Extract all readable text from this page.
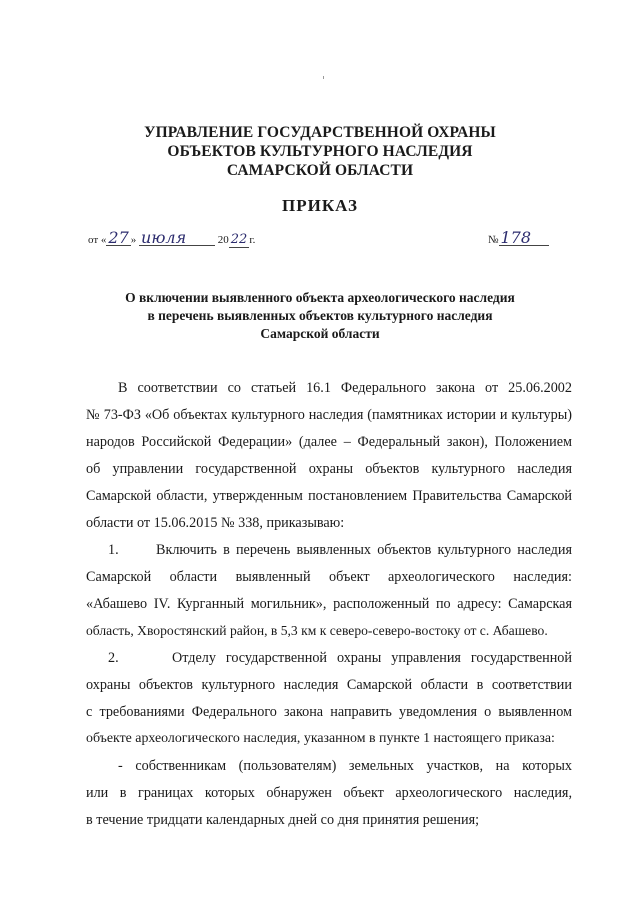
УПРАВЛЕНИЕ ГОСУДАРСТВЕННОЙ ОХРАНЫ
ОБЪЕКТОВ КУЛЬТУРНОГО НАСЛЕДИЯ
САМАРСКОЙ ОБЛАСТИ
ПРИКАЗ
от « 27 » июля	20 22 г.	№ 178
О включении выявленного объекта археологического наследия
в перечень выявленных объектов культурного наследия
Самарской области
В соответствии со статьей 16.1 Федерального закона от 25.06.2002
№ 73-ФЗ «Об объектах культурного наследия (памятниках истории и культуры)
народов Российской Федерации» (далее – Федеральный закон), Положением
об управлении государственной охраны объектов культурного наследия
Самарской области, утвержденным постановлением Правительства Самарской
области от 15.06.2015 № 338, приказываю:
1.	Включить в перечень выявленных объектов культурного наследия
Самарской области выявленный объект археологического наследия:
«Абашево IV. Курганный могильник», расположенный по адресу: Самарская
область, Хворостянский район, в 5,3 км к северо-северо-востоку от с. Абашево.
2.	Отделу государственной охраны управления государственной
охраны объектов культурного наследия Самарской области в соответствии
с требованиями Федерального закона направить уведомления о выявленном
объекте археологического наследия, указанном в пункте 1 настоящего приказа:
- собственникам (пользователям) земельных участков, на которых
или в границах которых обнаружен объект археологического наследия,
в течение тридцати календарных дней со дня принятия решения;
